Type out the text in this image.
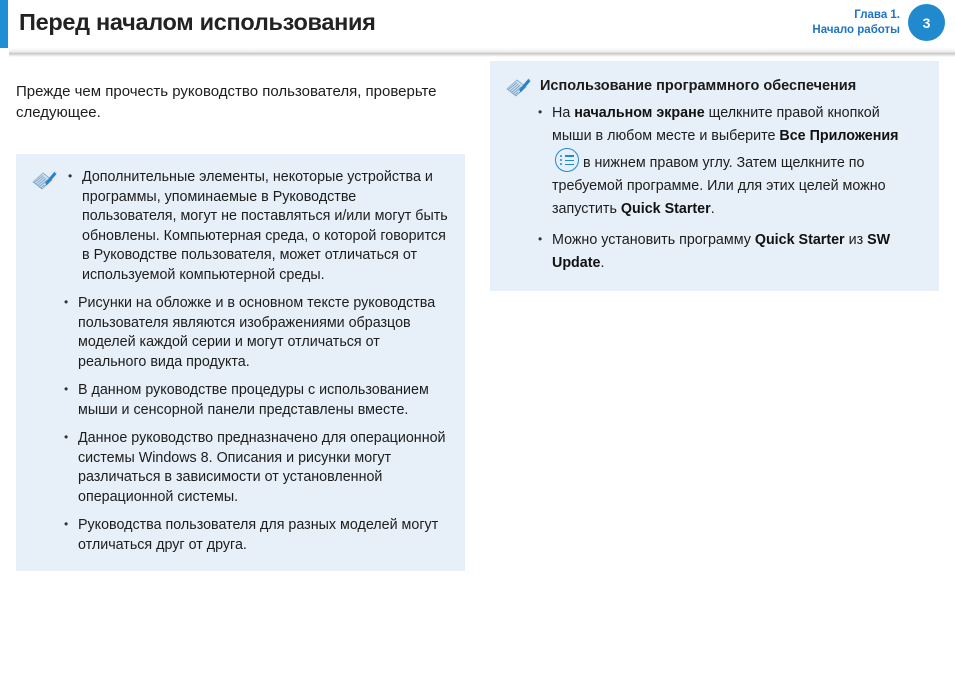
Перед началом использования	Глава 1.
Начало работы	3
Прежде чем прочесть руководство пользователя, проверьте следующее.
• Дополнительные элементы, некоторые устройства и программы, упоминаемые в Руководстве пользователя, могут не поставляться и/или могут быть обновлены. Компьютерная среда, о которой говорится в Руководстве пользователя, может отличаться от используемой компьютерной среды.
• Рисунки на обложке и в основном тексте руководства пользователя являются изображениями образцов моделей каждой серии и могут отличаться от реального вида продукта.
• В данном руководстве процедуры с использованием мыши и сенсорной панели представлены вместе.
• Данное руководство предназначено для операционной системы Windows 8. Описания и рисунки могут различаться в зависимости от установленной операционной системы.
• Руководства пользователя для разных моделей могут отличаться друг от друга.
Использование программного обеспечения
• На начальном экране щелкните правой кнопкой мыши в любом месте и выберите Все Приложения
в нижнем правом углу. Затем щелкните по требуемой программе. Или для этих целей можно запустить Quick Starter.
• Можно установить программу Quick Starter из SW Update.
